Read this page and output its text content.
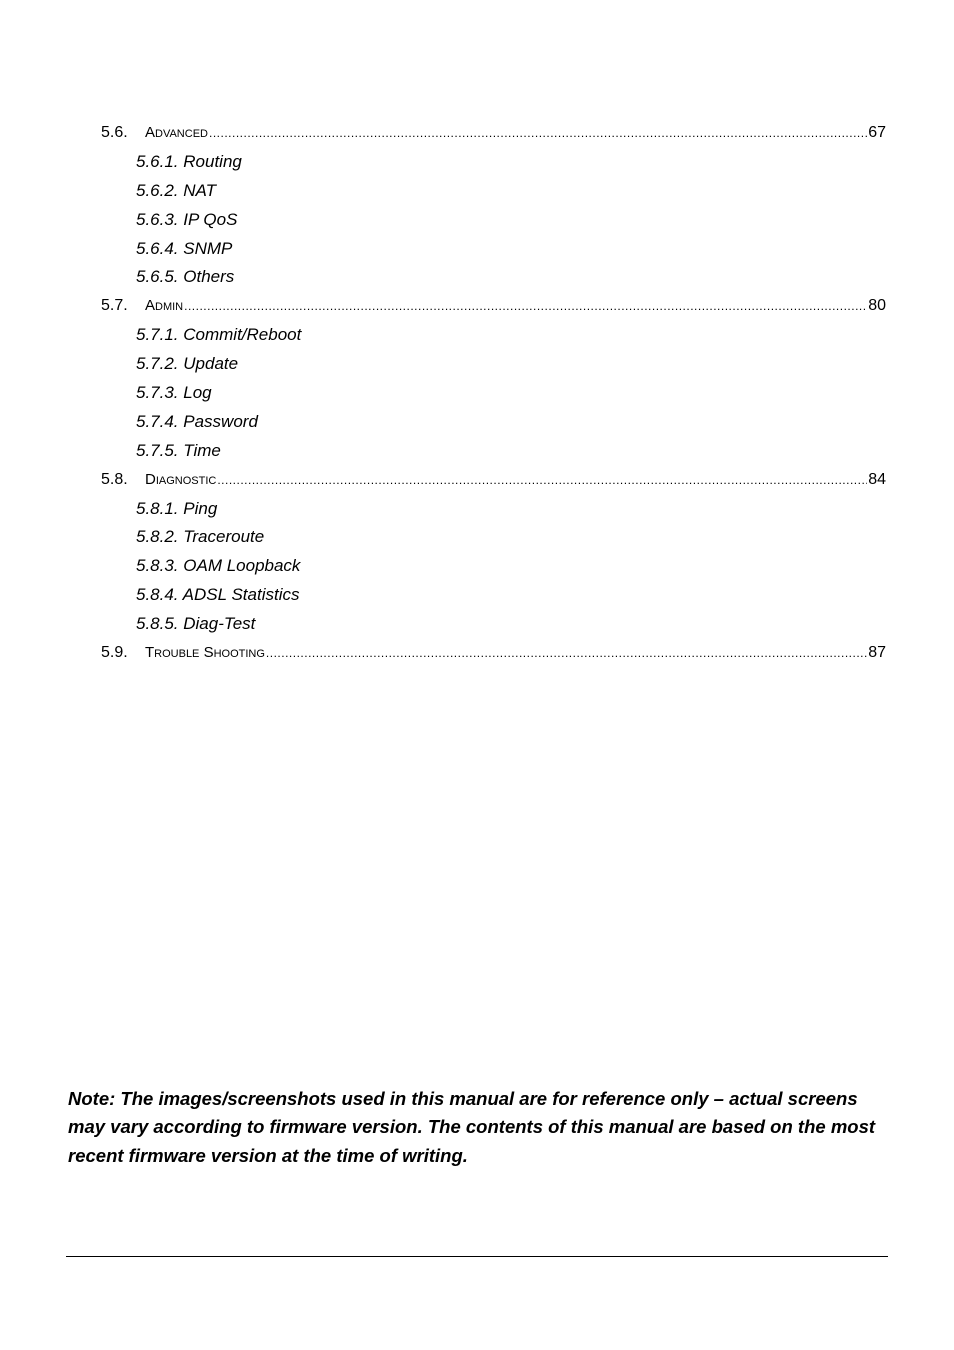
5.6. Advanced .....	67
5.6.1. Routing
5.6.2. NAT
5.6.3. IP QoS
5.6.4. SNMP
5.6.5. Others
5.7. Admin .....	80
5.7.1. Commit/Reboot
5.7.2. Update
5.7.3. Log
5.7.4. Password
5.7.5. Time
5.8. Diagnostic .....	84
5.8.1. Ping
5.8.2. Traceroute
5.8.3. OAM Loopback
5.8.4. ADSL Statistics
5.8.5. Diag-Test
5.9. Trouble Shooting .....	87

Note: The images/screenshots used in this manual are for reference only – actual screens may vary according to firmware version. The contents of this manual are based on the most recent firmware version at the time of writing.
